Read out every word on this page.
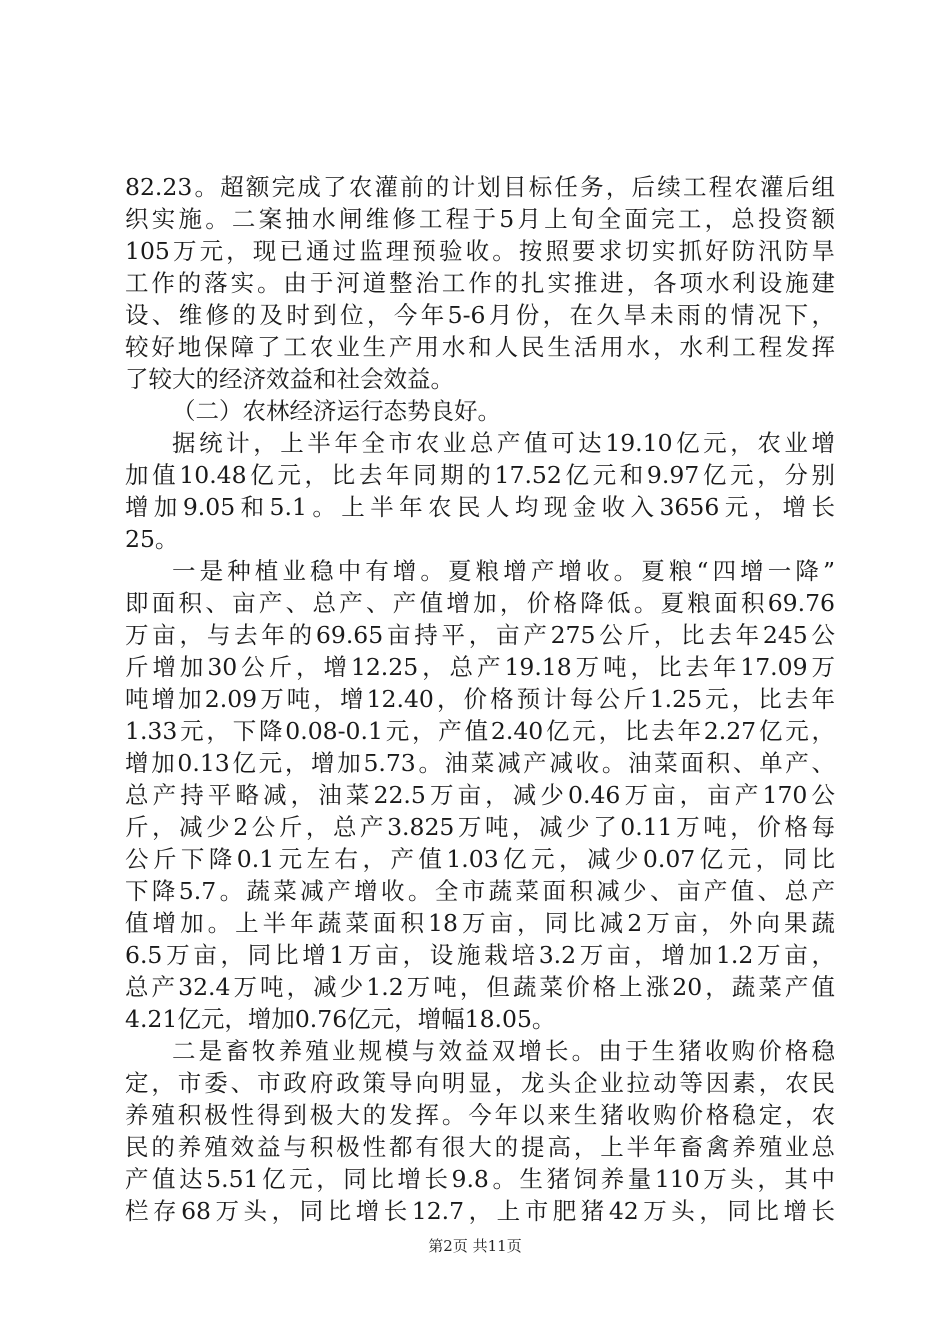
82.23。超额完成了农灌前的计划目标任务，后续工程农灌后组
织实施。二案抽水闸维修工程于5月上旬全面完工，总投资额
105万元，现已通过监理预验收。按照要求切实抓好防汛防旱
工作的落实。由于河道整治工作的扎实推进，各项水利设施建
设、维修的及时到位，今年5-6月份，在久旱未雨的情况下，
较好地保障了工农业生产用水和人民生活用水，水利工程发挥
了较大的经济效益和社会效益。
（二）农林经济运行态势良好。
据统计，上半年全市农业总产值可达19.10亿元，农业增
加值10.48亿元，比去年同期的17.52亿元和9.97亿元，分别
增加9.05和5.1。上半年农民人均现金收入3656元，增长
25。
一是种植业稳中有增。夏粮增产增收。夏粮“四增一降”
即面积、亩产、总产、产值增加，价格降低。夏粮面积69.76
万亩，与去年的69.65亩持平，亩产275公斤，比去年245公
斤增加30公斤，增12.25，总产19.18万吨，比去年17.09万
吨增加2.09万吨，增12.40，价格预计每公斤1.25元，比去年
1.33元，下降0.08-0.1元，产值2.40亿元，比去年2.27亿元，
增加0.13亿元，增加5.73。油菜减产减收。油菜面积、单产、
总产持平略减，油菜22.5万亩，减少0.46万亩，亩产170公
斤，减少2公斤，总产3.825万吨，减少了0.11万吨，价格每
公斤下降0.1元左右，产值1.03亿元，减少0.07亿元，同比
下降5.7。蔬菜减产增收。全市蔬菜面积减少、亩产值、总产
值增加。上半年蔬菜面积18万亩，同比减2万亩，外向果蔬
6.5万亩，同比增1万亩，设施栽培3.2万亩，增加1.2万亩，
总产32.4万吨，减少1.2万吨，但蔬菜价格上涨20，蔬菜产值
4.21亿元，增加0.76亿元，增幅18.05。
二是畜牧养殖业规模与效益双增长。由于生猪收购价格稳
定，市委、市政府政策导向明显，龙头企业拉动等因素，农民
养殖积极性得到极大的发挥。今年以来生猪收购价格稳定，农
民的养殖效益与积极性都有很大的提高，上半年畜禽养殖业总
产值达5.51亿元，同比增长9.8。生猪饲养量110万头，其中
栏存68万头，同比增长12.7，上市肥猪42万头，同比增长
第2页 共11页
